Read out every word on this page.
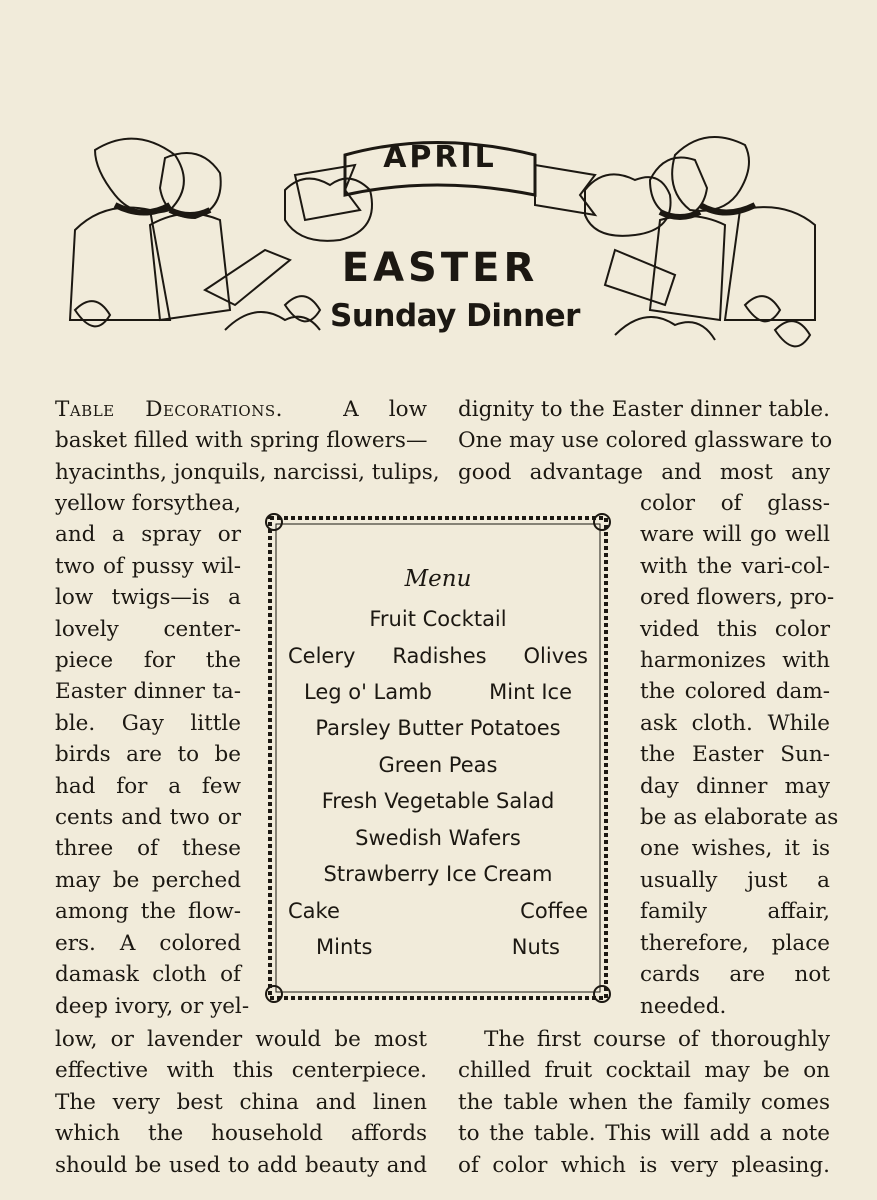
APRIL
EASTER
Sunday Dinner
Table Decorations.	A low
basket filled with spring flowers—
hyacinths, jonquils, narcissi, tulips,
yellow forsythea,
and a spray or
two of pussy wil-
low twigs—is a
lovely center-
piece for the
Easter dinner ta-
ble. Gay little
birds are to be
had for a few
cents and two or
three of these
may be perched
among the flow-
ers. A colored
damask cloth of
deep ivory, or yel-
low, or lavender would be most
effective with this centerpiece.
The very best china and linen
which the household affords
should be used to add beauty and
dignity to the Easter dinner table.
One may use colored glassware to
good advantage and most any
color of glass-
ware will go well
with the vari-col-
ored flowers, pro-
vided this color
harmonizes with
the colored dam-
ask cloth. While
the Easter Sun-
day dinner may
be as elaborate as
one wishes, it is
usually just a
family affair,
therefore, place
cards are not
needed.
The first course of thoroughly
chilled fruit cocktail may be on
the table when the family comes
to the table. This will add a note
of color which is very pleasing.
Menu
Fruit Cocktail
Celery Radishes Olives
Leg o' Lamb	Mint Ice
Parsley Butter Potatoes
Green Peas
Fresh Vegetable Salad
Swedish Wafers
Strawberry Ice Cream
Cake	Coffee
Mints	Nuts
